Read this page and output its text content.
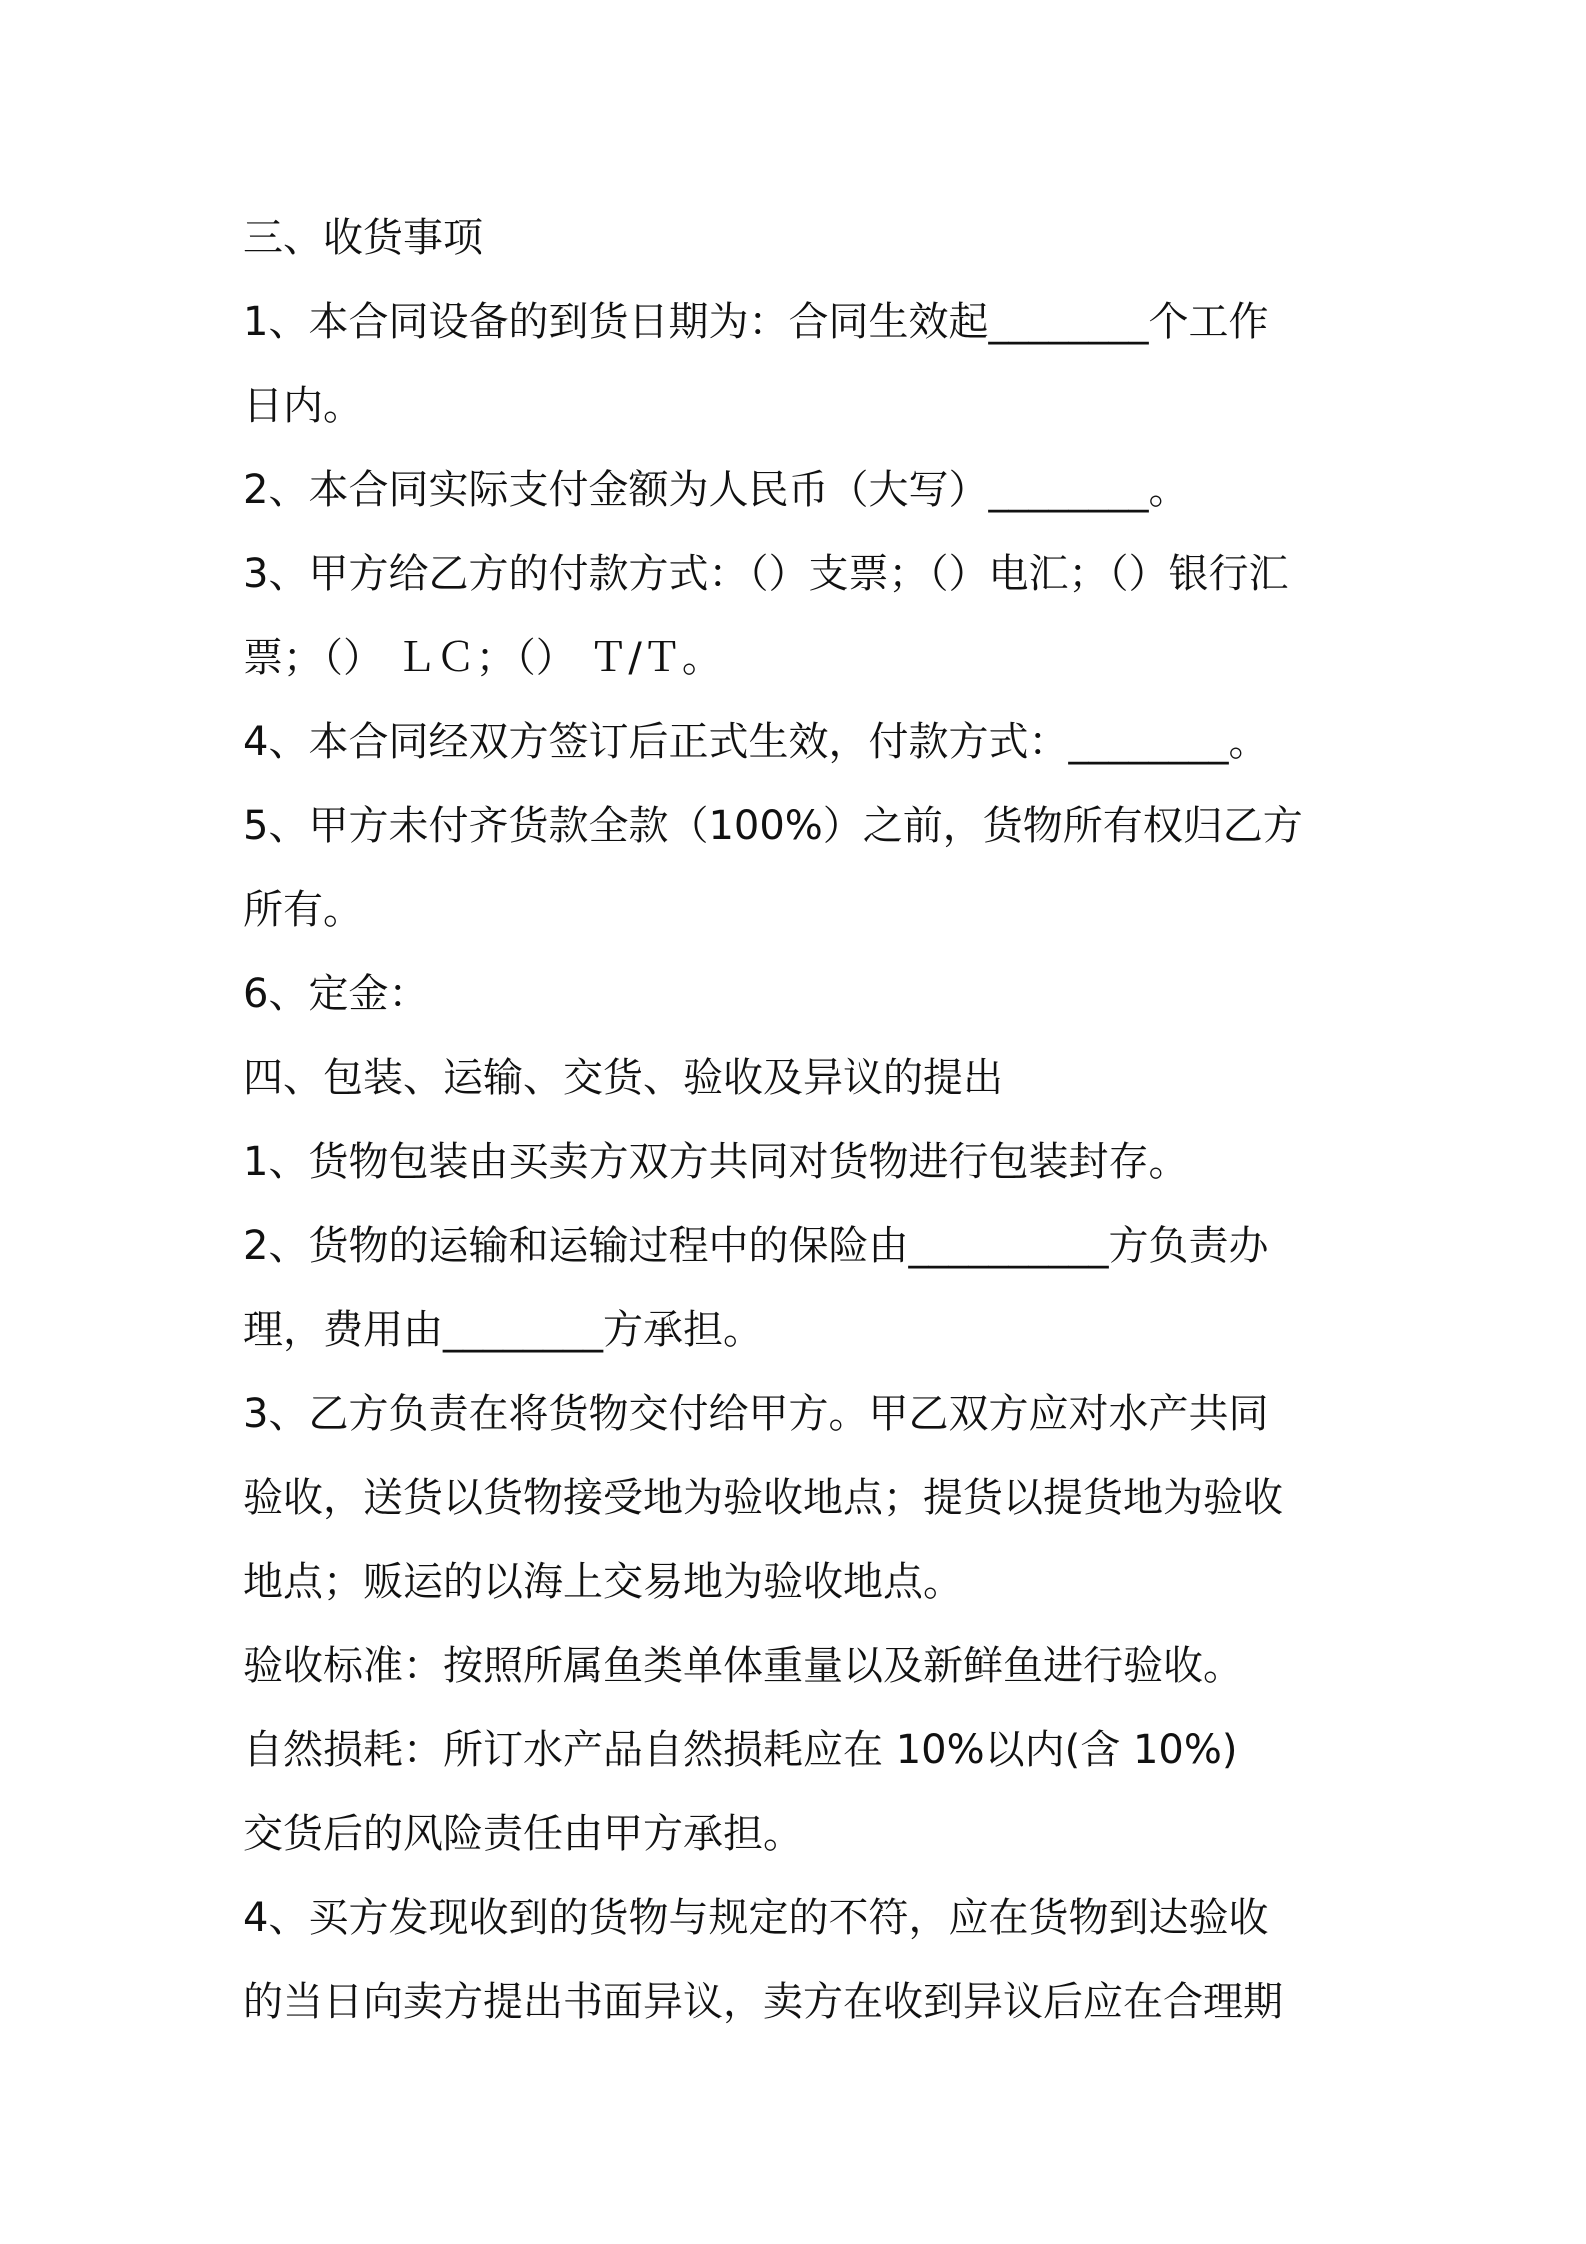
三、收货事项
1、本合同设备的到货日期为：合同生效起________个工作
日内。
2、本合同实际支付金额为人民币（大写）________。
3、甲方给乙方的付款方式：（）支票；（）电汇；（）银行汇
票；（） ＬＣ；（） Ｔ/Ｔ。
4、本合同经双方签订后正式生效，付款方式：________。
5、甲方未付齐货款全款（100%）之前，货物所有权归乙方
所有。
6、定金：
四、包装、运输、交货、验收及异议的提出
1、货物包装由买卖方双方共同对货物进行包装封存。
2、货物的运输和运输过程中的保险由__________方负责办
理，费用由________方承担。
3、乙方负责在将货物交付给甲方。甲乙双方应对水产共同
验收，送货以货物接受地为验收地点；提货以提货地为验收
地点；贩运的以海上交易地为验收地点。
验收标准：按照所属鱼类单体重量以及新鲜鱼进行验收。
自然损耗：所订水产品自然损耗应在 10%以内(含 10%)
交货后的风险责任由甲方承担。
4、买方发现收到的货物与规定的不符，应在货物到达验收
的当日向卖方提出书面异议，卖方在收到异议后应在合理期
